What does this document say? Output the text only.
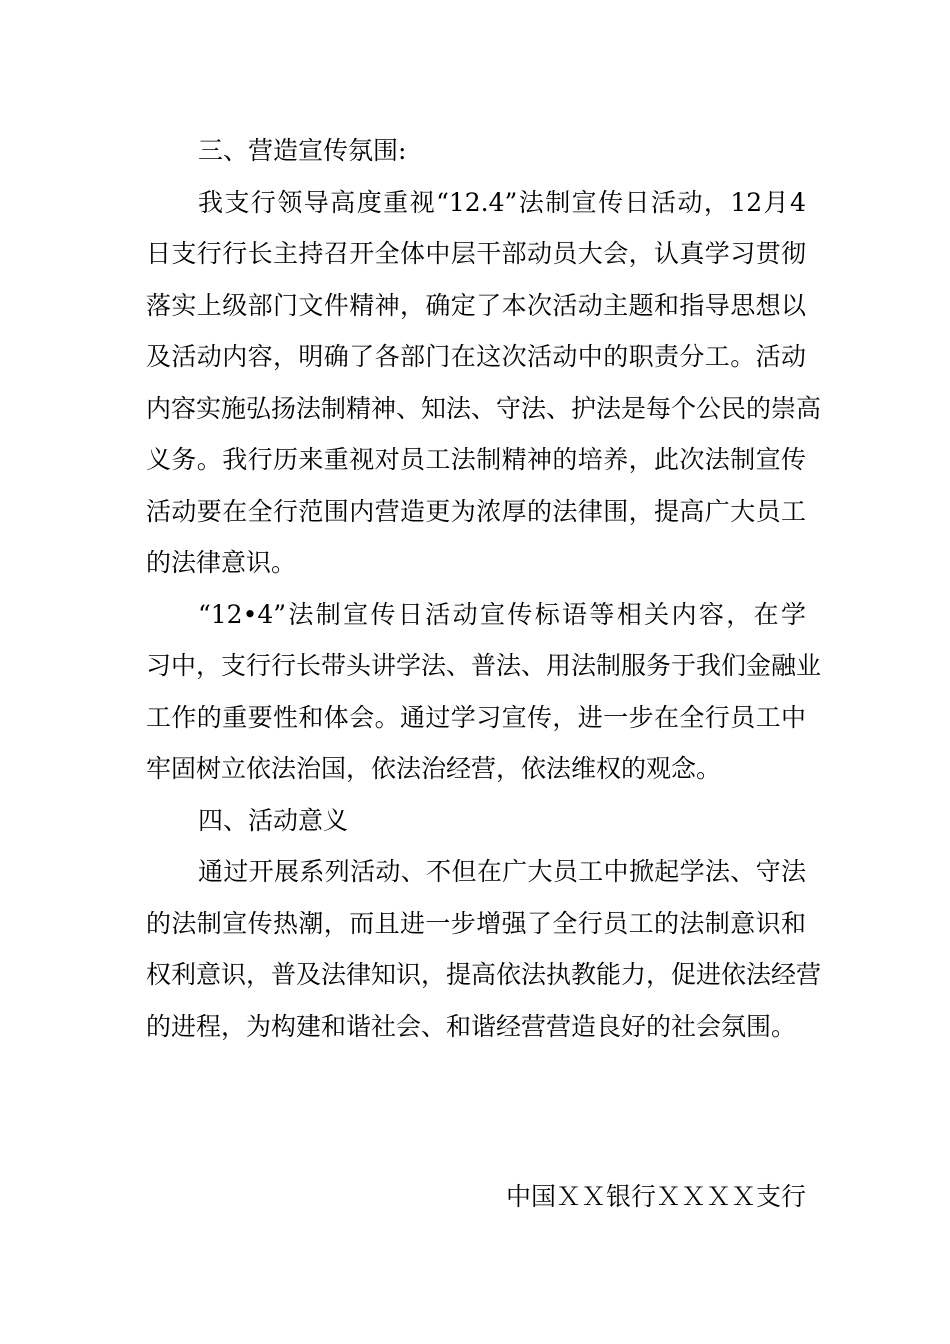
三、营造宣传氛围:
我支行领导高度重视“12.4”法制宣传日活动，12月4
日支行行长主持召开全体中层干部动员大会，认真学习贯彻
落实上级部门文件精神，确定了本次活动主题和指导思想以
及活动内容，明确了各部门在这次活动中的职责分工。活动
内容实施弘扬法制精神、知法、守法、护法是每个公民的崇高
义务。我行历来重视对员工法制精神的培养，此次法制宣传
活动要在全行范围内营造更为浓厚的法律围，提高广大员工
的法律意识。
“12•4”法制宣传日活动宣传标语等相关内容，在学
习中，支行行长带头讲学法、普法、用法制服务于我们金融业
工作的重要性和体会。通过学习宣传，进一步在全行员工中
牢固树立依法治国，依法治经营，依法维权的观念。
四、活动意义
通过开展系列活动、不但在广大员工中掀起学法、守法
的法制宣传热潮，而且进一步增强了全行员工的法制意识和
权利意识，普及法律知识，提高依法执教能力，促进依法经营
的进程，为构建和谐社会、和谐经营营造良好的社会氛围。
中国ＸＸ银行ＸＸＸＸ支行
